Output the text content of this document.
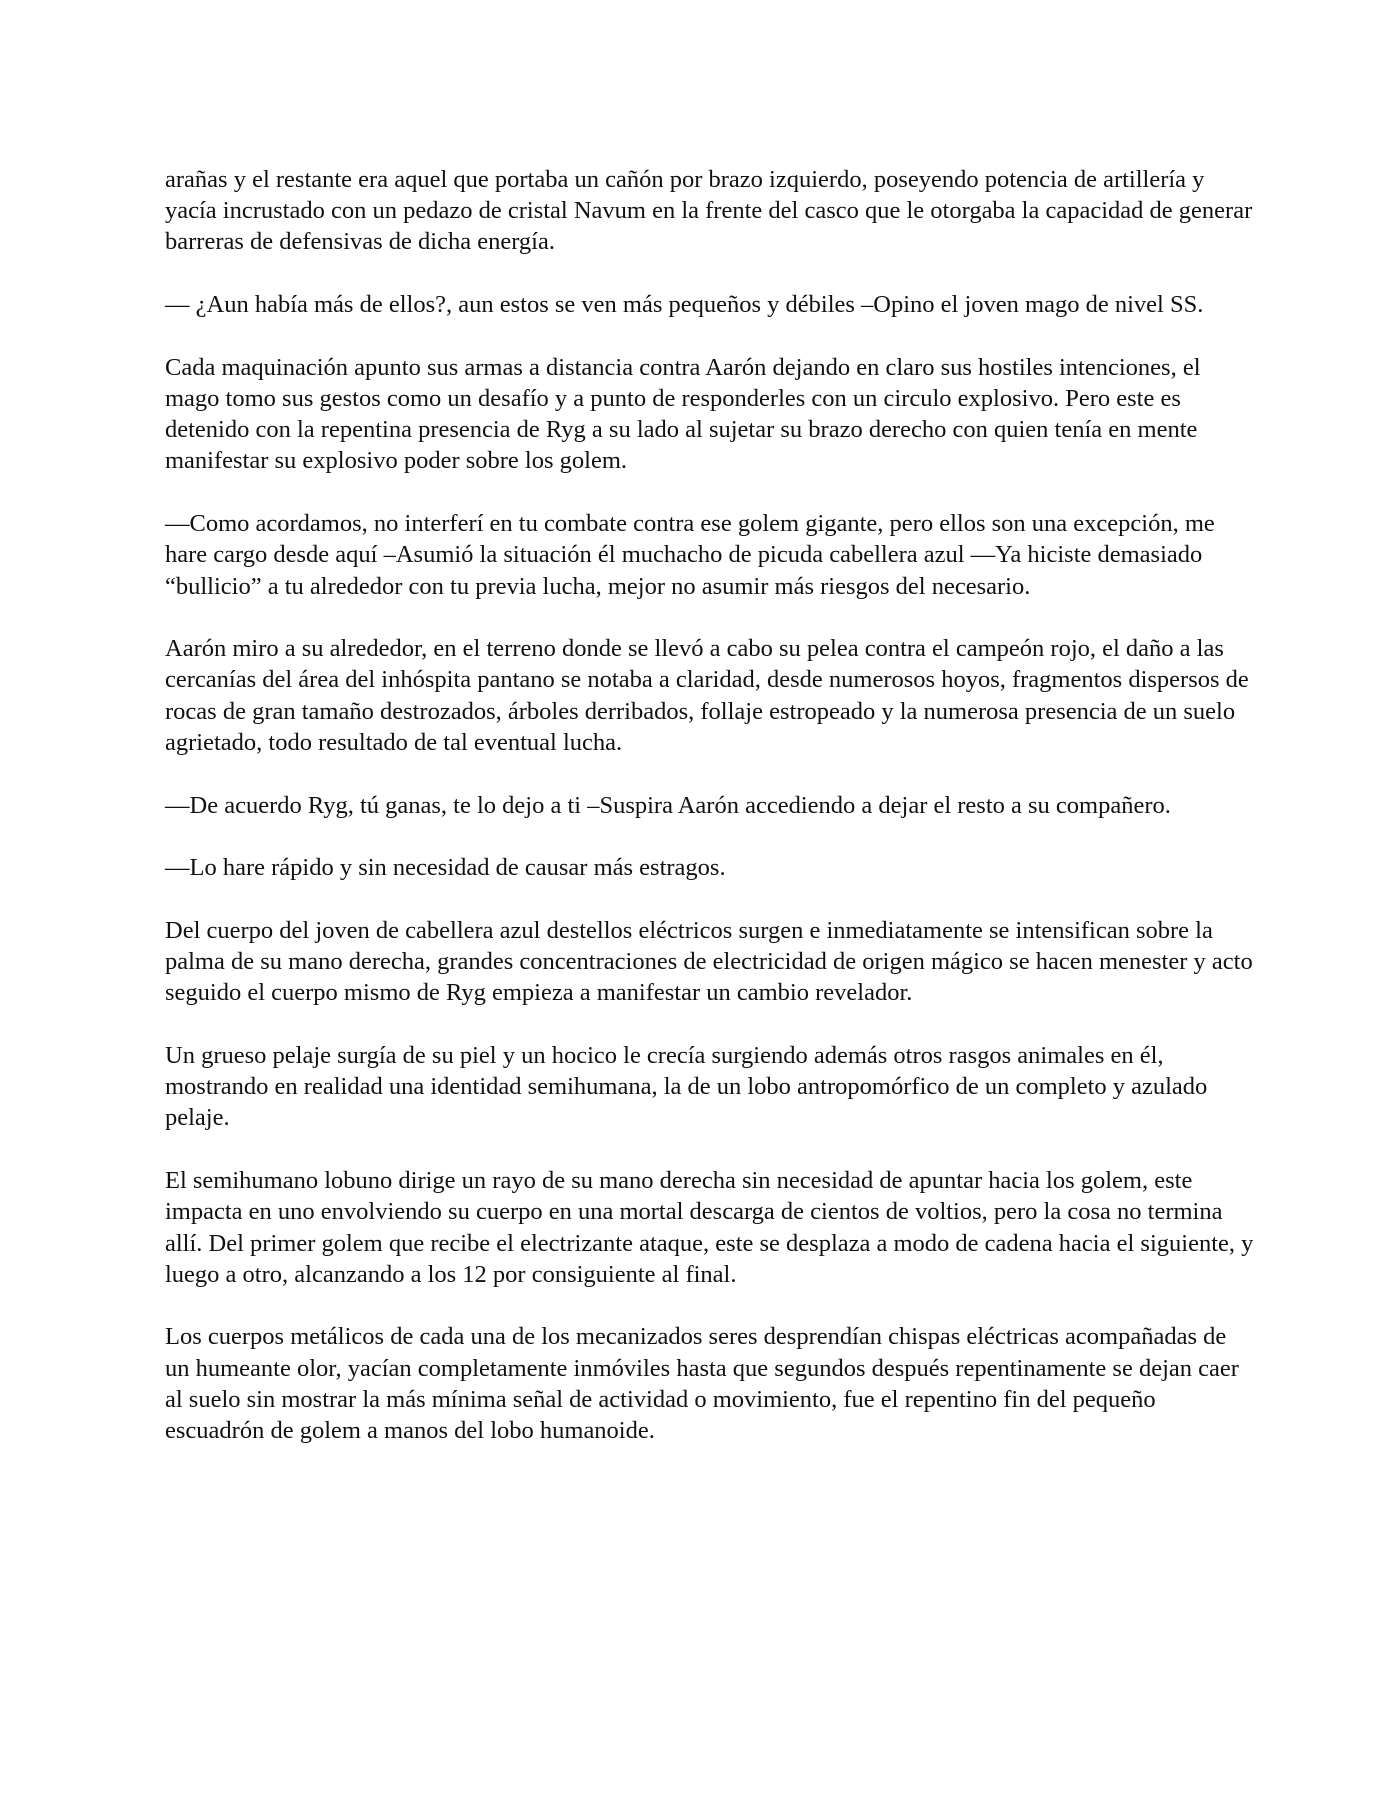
arañas y el restante era aquel que portaba un cañón por brazo izquierdo, poseyendo potencia de artillería y yacía incrustado con un pedazo de cristal Navum en la frente del casco que le otorgaba la capacidad de generar barreras de defensivas de dicha energía.

— ¿Aun había más de ellos?, aun estos se ven más pequeños y débiles –Opino el joven mago de nivel SS.

Cada maquinación apunto sus armas a distancia contra Aarón dejando en claro sus hostiles intenciones, el mago tomo sus gestos como un desafío y a punto de responderles con un circulo explosivo. Pero este es detenido con la repentina presencia de Ryg a su lado al sujetar su brazo derecho con quien tenía en mente manifestar su explosivo poder sobre los golem.

—Como acordamos, no interferí en tu combate contra ese golem gigante, pero ellos son una excepción, me hare cargo desde aquí –Asumió la situación él muchacho de picuda cabellera azul —Ya hiciste demasiado “bullicio” a tu alrededor con tu previa lucha, mejor no asumir más riesgos del necesario.

Aarón miro a su alrededor, en el terreno donde se llevó a cabo su pelea contra el campeón rojo, el daño a las cercanías del área del inhóspita pantano se notaba a claridad, desde numerosos hoyos, fragmentos dispersos de rocas de gran tamaño destrozados, árboles derribados, follaje estropeado y la numerosa presencia de un suelo agrietado, todo resultado de tal eventual lucha.

—De acuerdo Ryg, tú ganas, te lo dejo a ti –Suspira Aarón accediendo a dejar el resto a su compañero.

—Lo hare rápido y sin necesidad de causar más estragos.

Del cuerpo del joven de cabellera azul destellos eléctricos surgen e inmediatamente se intensifican sobre la palma de su mano derecha, grandes concentraciones de electricidad de origen mágico se hacen menester y acto seguido el cuerpo mismo de Ryg empieza a manifestar un cambio revelador.

Un grueso pelaje surgía de su piel y un hocico le crecía surgiendo además otros rasgos animales en él, mostrando en realidad una identidad semihumana, la de un lobo antropomórfico de un completo y azulado pelaje.

El semihumano lobuno dirige un rayo de su mano derecha sin necesidad de apuntar hacia los golem, este impacta en uno envolviendo su cuerpo en una mortal descarga de cientos de voltios, pero la cosa no termina allí. Del primer golem que recibe el electrizante ataque, este se desplaza a modo de cadena hacia el siguiente, y luego a otro, alcanzando a los 12 por consiguiente al final.

Los cuerpos metálicos de cada una de los mecanizados seres desprendían chispas eléctricas acompañadas de un humeante olor, yacían completamente inmóviles hasta que segundos después repentinamente se dejan caer al suelo sin mostrar la más mínima señal de actividad o movimiento, fue el repentino fin del pequeño escuadrón de golem a manos del lobo humanoide.
